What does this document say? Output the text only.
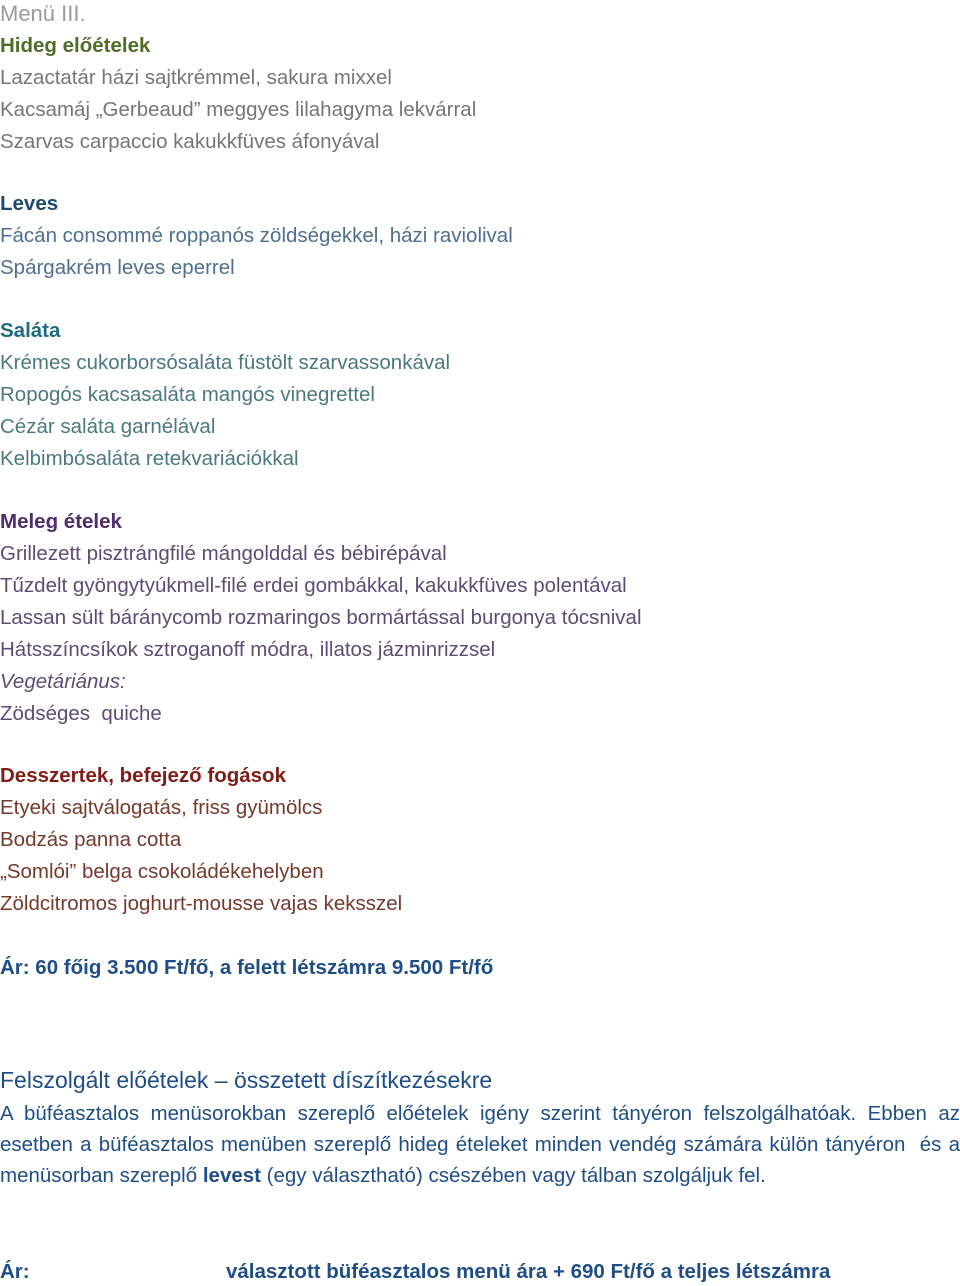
Menü III.
Hideg előételek
Lazactatár házi sajtkrémmel, sakura mixxel
Kacsamáj „Gerbeaud” meggyes lilahagyma lekvárral
Szarvas carpaccio kakukkfüves áfonyával
Leves
Fácán consommé roppanós zöldségekkel, házi raviolival
Spárgakrém leves eperrel
Saláta
Krémes cukorborsósaláta füstölt szarvassonkával
Ropogós kacsasaláta mangós vinegrettel
Cézár saláta garnélával
Kelbimbósaláta retekvariációkkal
Meleg ételek
Grillezett pisztrángfilé mángolddal és bébirépával
Tűzdelt gyöngytyúkmell-filé erdei gombákkal, kakukkfüves polentával
Lassan sült báránycomb rozmaringos bormártással burgonya tócsnival
Hátsszíncsíkok sztroganoff módra, illatos jázminrizzsel
Vegetáriánus:
Zödséges  quiche
Desszertek, befejező fogások
Etyeki sajtválogatás, friss gyümölcs
Bodzás panna cotta
„Somlói” belga csokoládékehelyben
Zöldcitromos joghurt-mousse vajas keksszel
Ár: 60 főig 3.500 Ft/fő, a felett létszámra 9.500 Ft/fő
Felszolgált előételek – összetett díszítkezésekre
A büféasztalos menüsorokban szereplő előételek igény szerint tányéron felszolgálhatóak. Ebben az esetben a büféasztalos menüben szereplő hideg ételeket minden vendég számára külön tányéron  és a menüsorban szereplő levest (egy választható) csészében vagy tálban szolgáljuk fel.
Ár:	választott büféasztalos menü ára + 690 Ft/fő a teljes létszámra
